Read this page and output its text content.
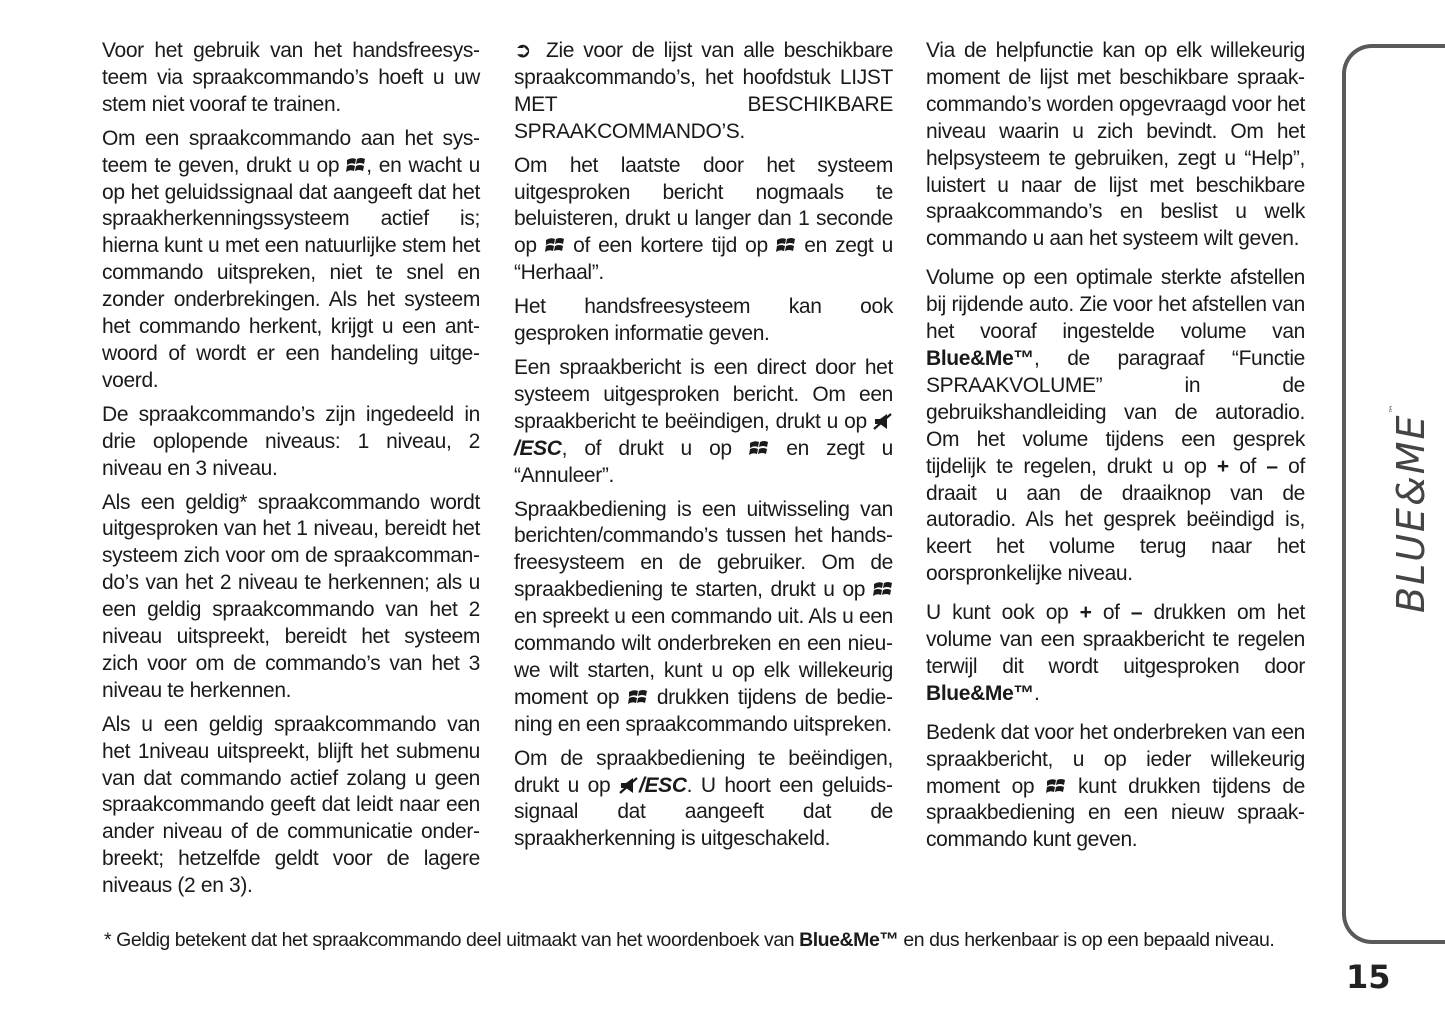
Voor het gebruik van het handsfreesysteem via spraakcommando’s hoeft u uw stem niet vooraf te trainen.

Om een spraakcommando aan het systeem te geven, drukt u op , en wacht u op het geluidssignaal dat aangeeft dat het spraakherkenningssysteem actief is; hierna kunt u met een natuurlijke stem het commando uitspreken, niet te snel en zonder onderbrekingen. Als het systeem het commando herkent, krijgt u een antwoord of wordt er een handeling uitgevoerd.

De spraakcommando’s zijn ingedeeld in drie oplopende niveaus: 1 niveau, 2 niveau en 3 niveau.

Als een geldig* spraakcommando wordt uitgesproken van het 1 niveau, bereidt het systeem zich voor om de spraakcommando’s van het 2 niveau te herkennen; als u een geldig spraakcommando van het 2 niveau uitspreekt, bereidt het systeem zich voor om de commando’s van het 3 niveau te herkennen.

Als u een geldig spraakcommando van het 1niveau uitspreekt, blijft het submenu van dat commando actief zolang u geen spraakcommando geeft dat leidt naar een ander niveau of de communicatie onderbreekt; hetzelfde geldt voor de lagere niveaus (2 en 3).

➲ Zie voor de lijst van alle beschikbare spraakcommando’s, het hoofdstuk LIJST MET BESCHIKBARE SPRAAKCOMMANDO’S.

Om het laatste door het systeem uitgesproken bericht nogmaals te beluisteren, drukt u langer dan 1 seconde op of een kortere tijd op en zegt u “Herhaal”.

Het handsfreesysteem kan ook gesproken informatie geven.

Een spraakbericht is een direct door het systeem uitgesproken bericht. Om een spraakbericht te beëindigen, drukt u op
/ESC, of drukt u op	en zegt u “Annuleer”.

Spraakbediening is een uitwisseling van berichten/commando’s tussen het handsfreesysteem en de gebruiker. Om de spraakbediening te starten, drukt u op
en spreekt u een commando uit. Als u een commando wilt onderbreken en een nieuwe wilt starten, kunt u op elk willekeurig moment op drukken tijdens de bediening en een spraakcommando uitspreken.

Om de spraakbediening te beëindigen, drukt u op /ESC. U hoort een geluidssignaal dat aangeeft dat de spraakherkenning is uitgeschakeld.

Via de helpfunctie kan op elk willekeurig moment de lijst met beschikbare spraakcommando’s worden opgevraagd voor het niveau waarin u zich bevindt. Om het helpsysteem te gebruiken, zegt u “Help”, luistert u naar de lijst met beschikbare spraakcommando’s en beslist u welk commando u aan het systeem wilt geven.

Volume op een optimale sterkte afstellen bij rijdende auto. Zie voor het afstellen van het vooraf ingestelde volume van Blue&Me™, de paragraaf “Functie SPRAAKVOLUME” in de gebruikshandleiding van de autoradio. Om het volume tijdens een gesprek tijdelijk te regelen, drukt u op + of – of draait u aan de draaiknop van de autoradio. Als het gesprek beëindigd is, keert het volume terug naar het oorspronkelijke niveau.

U kunt ook op + of – drukken om het volume van een spraakbericht te regelen terwijl dit wordt uitgesproken door Blue&Me™.

Bedenk dat voor het onderbreken van een spraakbericht, u op ieder willekeurig moment op kunt drukken tijdens de spraakbediening en een nieuw spraakcommando kunt geven.

* Geldig betekent dat het spraakcommando deel uitmaakt van het woordenboek van Blue&Me™ en dus herkenbaar is op een bepaald niveau.
BLUE&ME™
15
